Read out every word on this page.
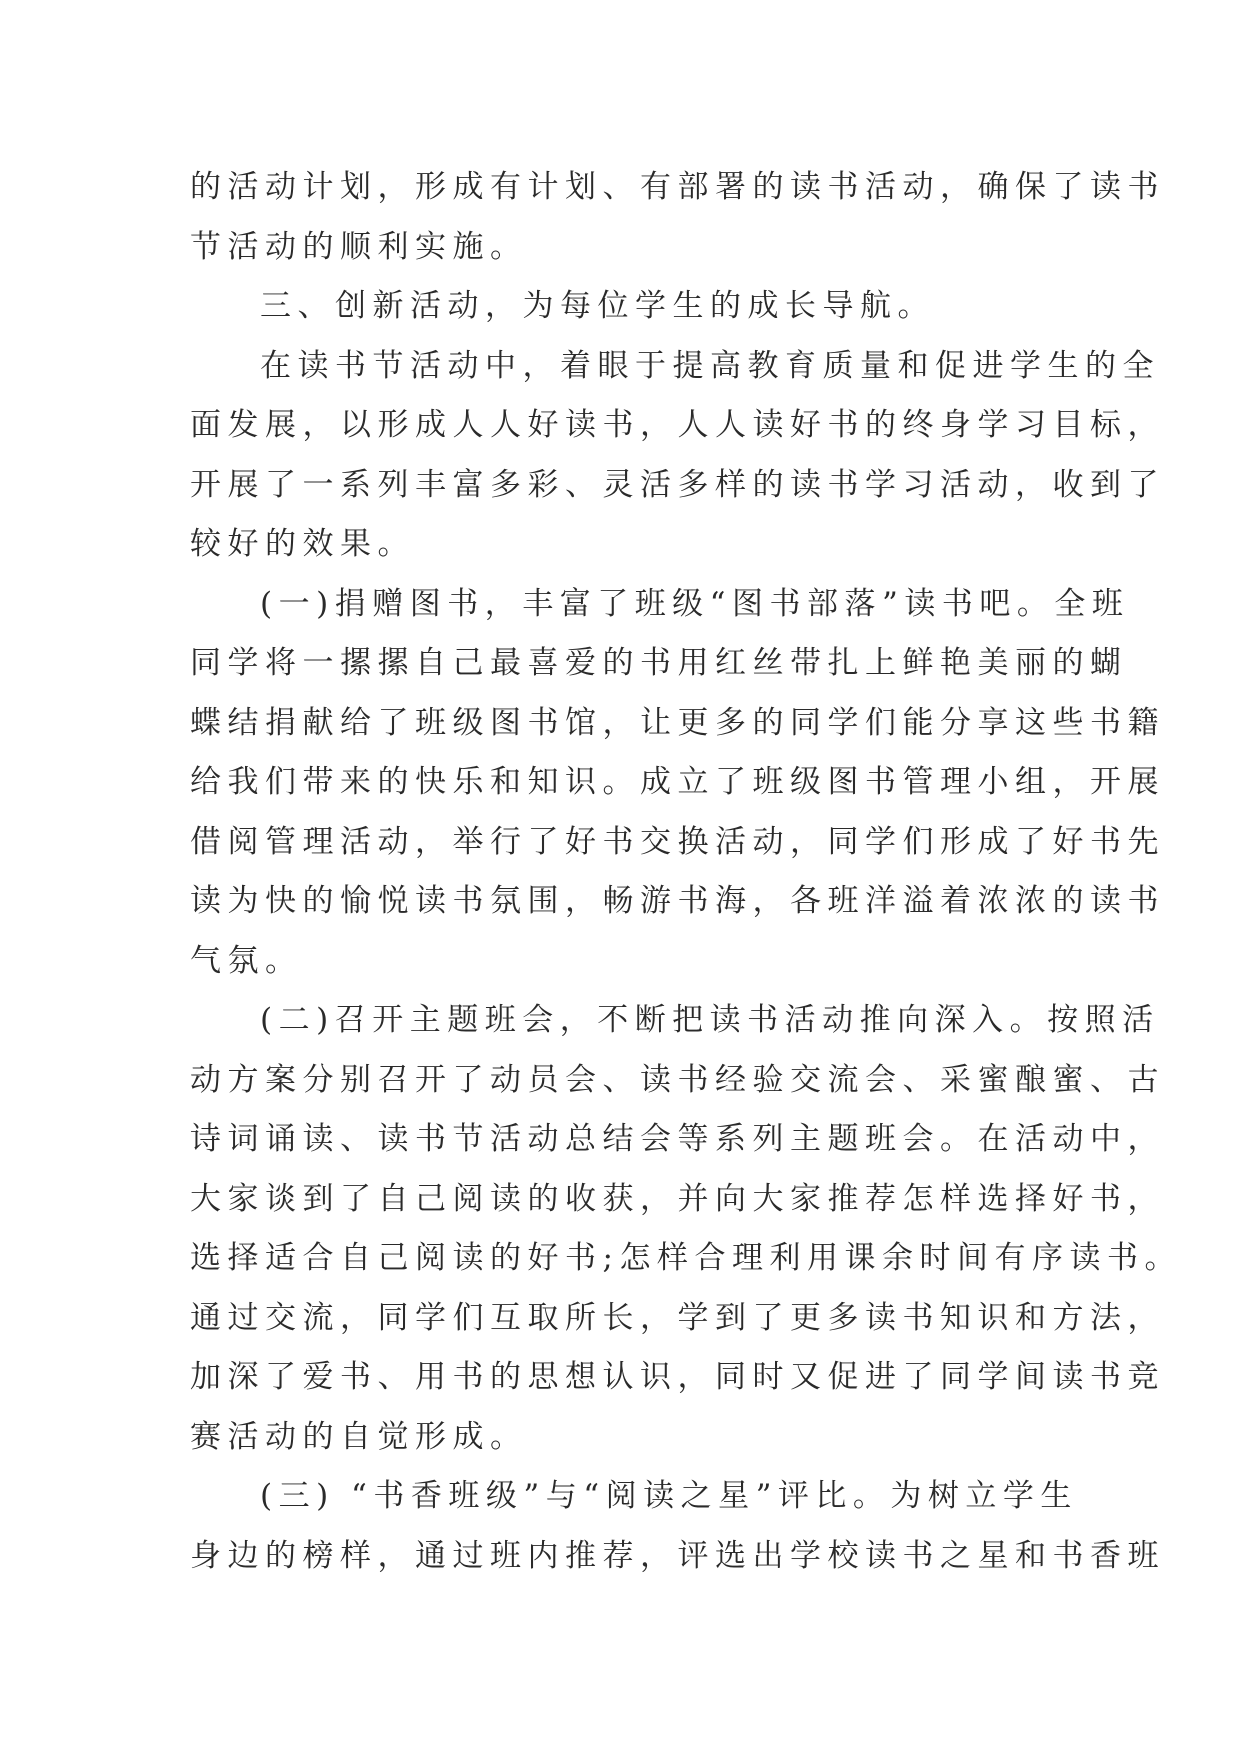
的活动计划，形成有计划、有部署的读书活动，确保了读书
节活动的顺利实施。
三、创新活动，为每位学生的成长导航。
在读书节活动中，着眼于提高教育质量和促进学生的全
面发展，以形成人人好读书，人人读好书的终身学习目标，
开展了一系列丰富多彩、灵活多样的读书学习活动，收到了
较好的效果。
(一)捐赠图书，丰富了班级“图书部落”读书吧。全班
同学将一摞摞自己最喜爱的书用红丝带扎上鲜艳美丽的蝴
蝶结捐献给了班级图书馆，让更多的同学们能分享这些书籍
给我们带来的快乐和知识。成立了班级图书管理小组，开展
借阅管理活动，举行了好书交换活动，同学们形成了好书先
读为快的愉悦读书氛围，畅游书海，各班洋溢着浓浓的读书
气氛。
(二)召开主题班会，不断把读书活动推向深入。按照活
动方案分别召开了动员会、读书经验交流会、采蜜酿蜜、古
诗词诵读、读书节活动总结会等系列主题班会。在活动中，
大家谈到了自己阅读的收获，并向大家推荐怎样选择好书，
选择适合自己阅读的好书;怎样合理利用课余时间有序读书。
通过交流，同学们互取所长，学到了更多读书知识和方法，
加深了爱书、用书的思想认识，同时又促进了同学间读书竞
赛活动的自觉形成。
(三) “书香班级”与“阅读之星”评比。为树立学生
身边的榜样，通过班内推荐，评选出学校读书之星和书香班
